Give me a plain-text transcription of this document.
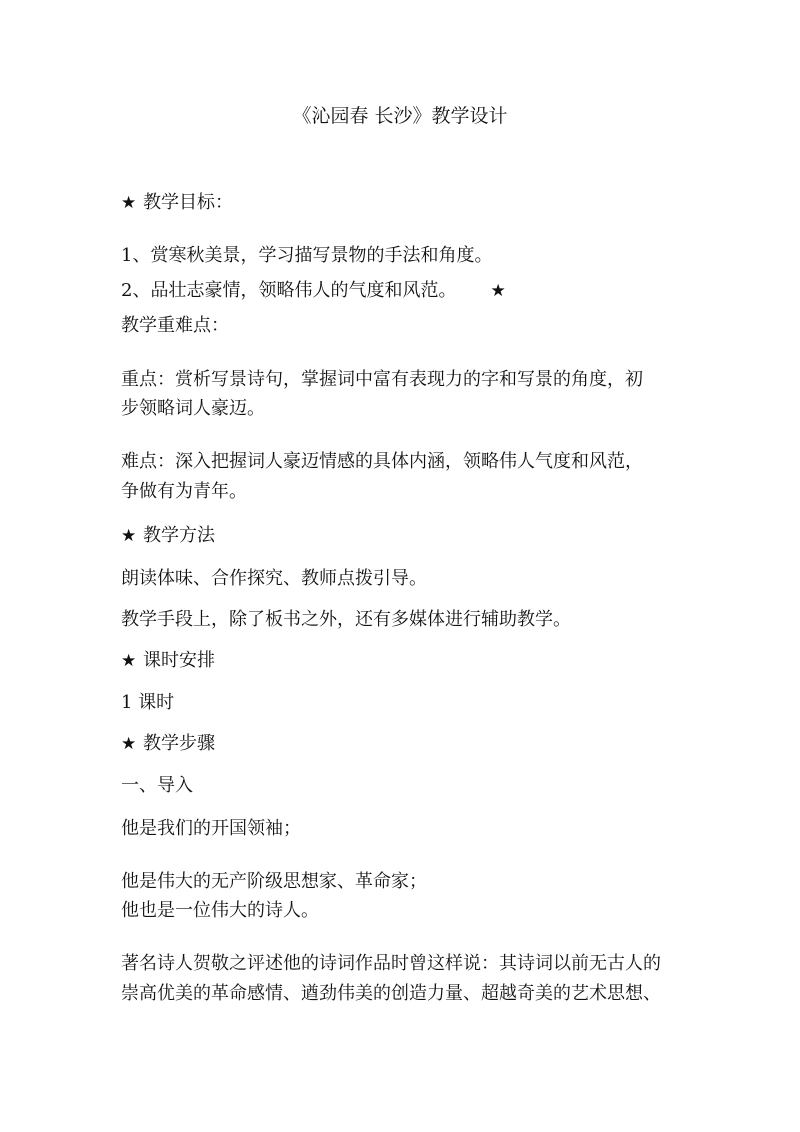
《沁园春 长沙》教学设计
★ 教学目标：
1、赏寒秋美景，学习描写景物的手法和角度。
2、品壮志豪情，领略伟人的气度和风范。 ★
教学重难点：
重点：赏析写景诗句，掌握词中富有表现力的字和写景的角度，初
步领略词人豪迈。
难点：深入把握词人豪迈情感的具体内涵，领略伟人气度和风范，
争做有为青年。
★ 教学方法
朗读体味、合作探究、教师点拨引导。
教学手段上，除了板书之外，还有多媒体进行辅助教学。
★ 课时安排
1 课时
★ 教学步骤
一、导入
他是我们的开国领袖；
他是伟大的无产阶级思想家、革命家；
他也是一位伟大的诗人。
著名诗人贺敬之评述他的诗词作品时曾这样说：其诗词以前无古人的
崇高优美的革命感情、遒劲伟美的创造力量、超越奇美的艺术思想、
